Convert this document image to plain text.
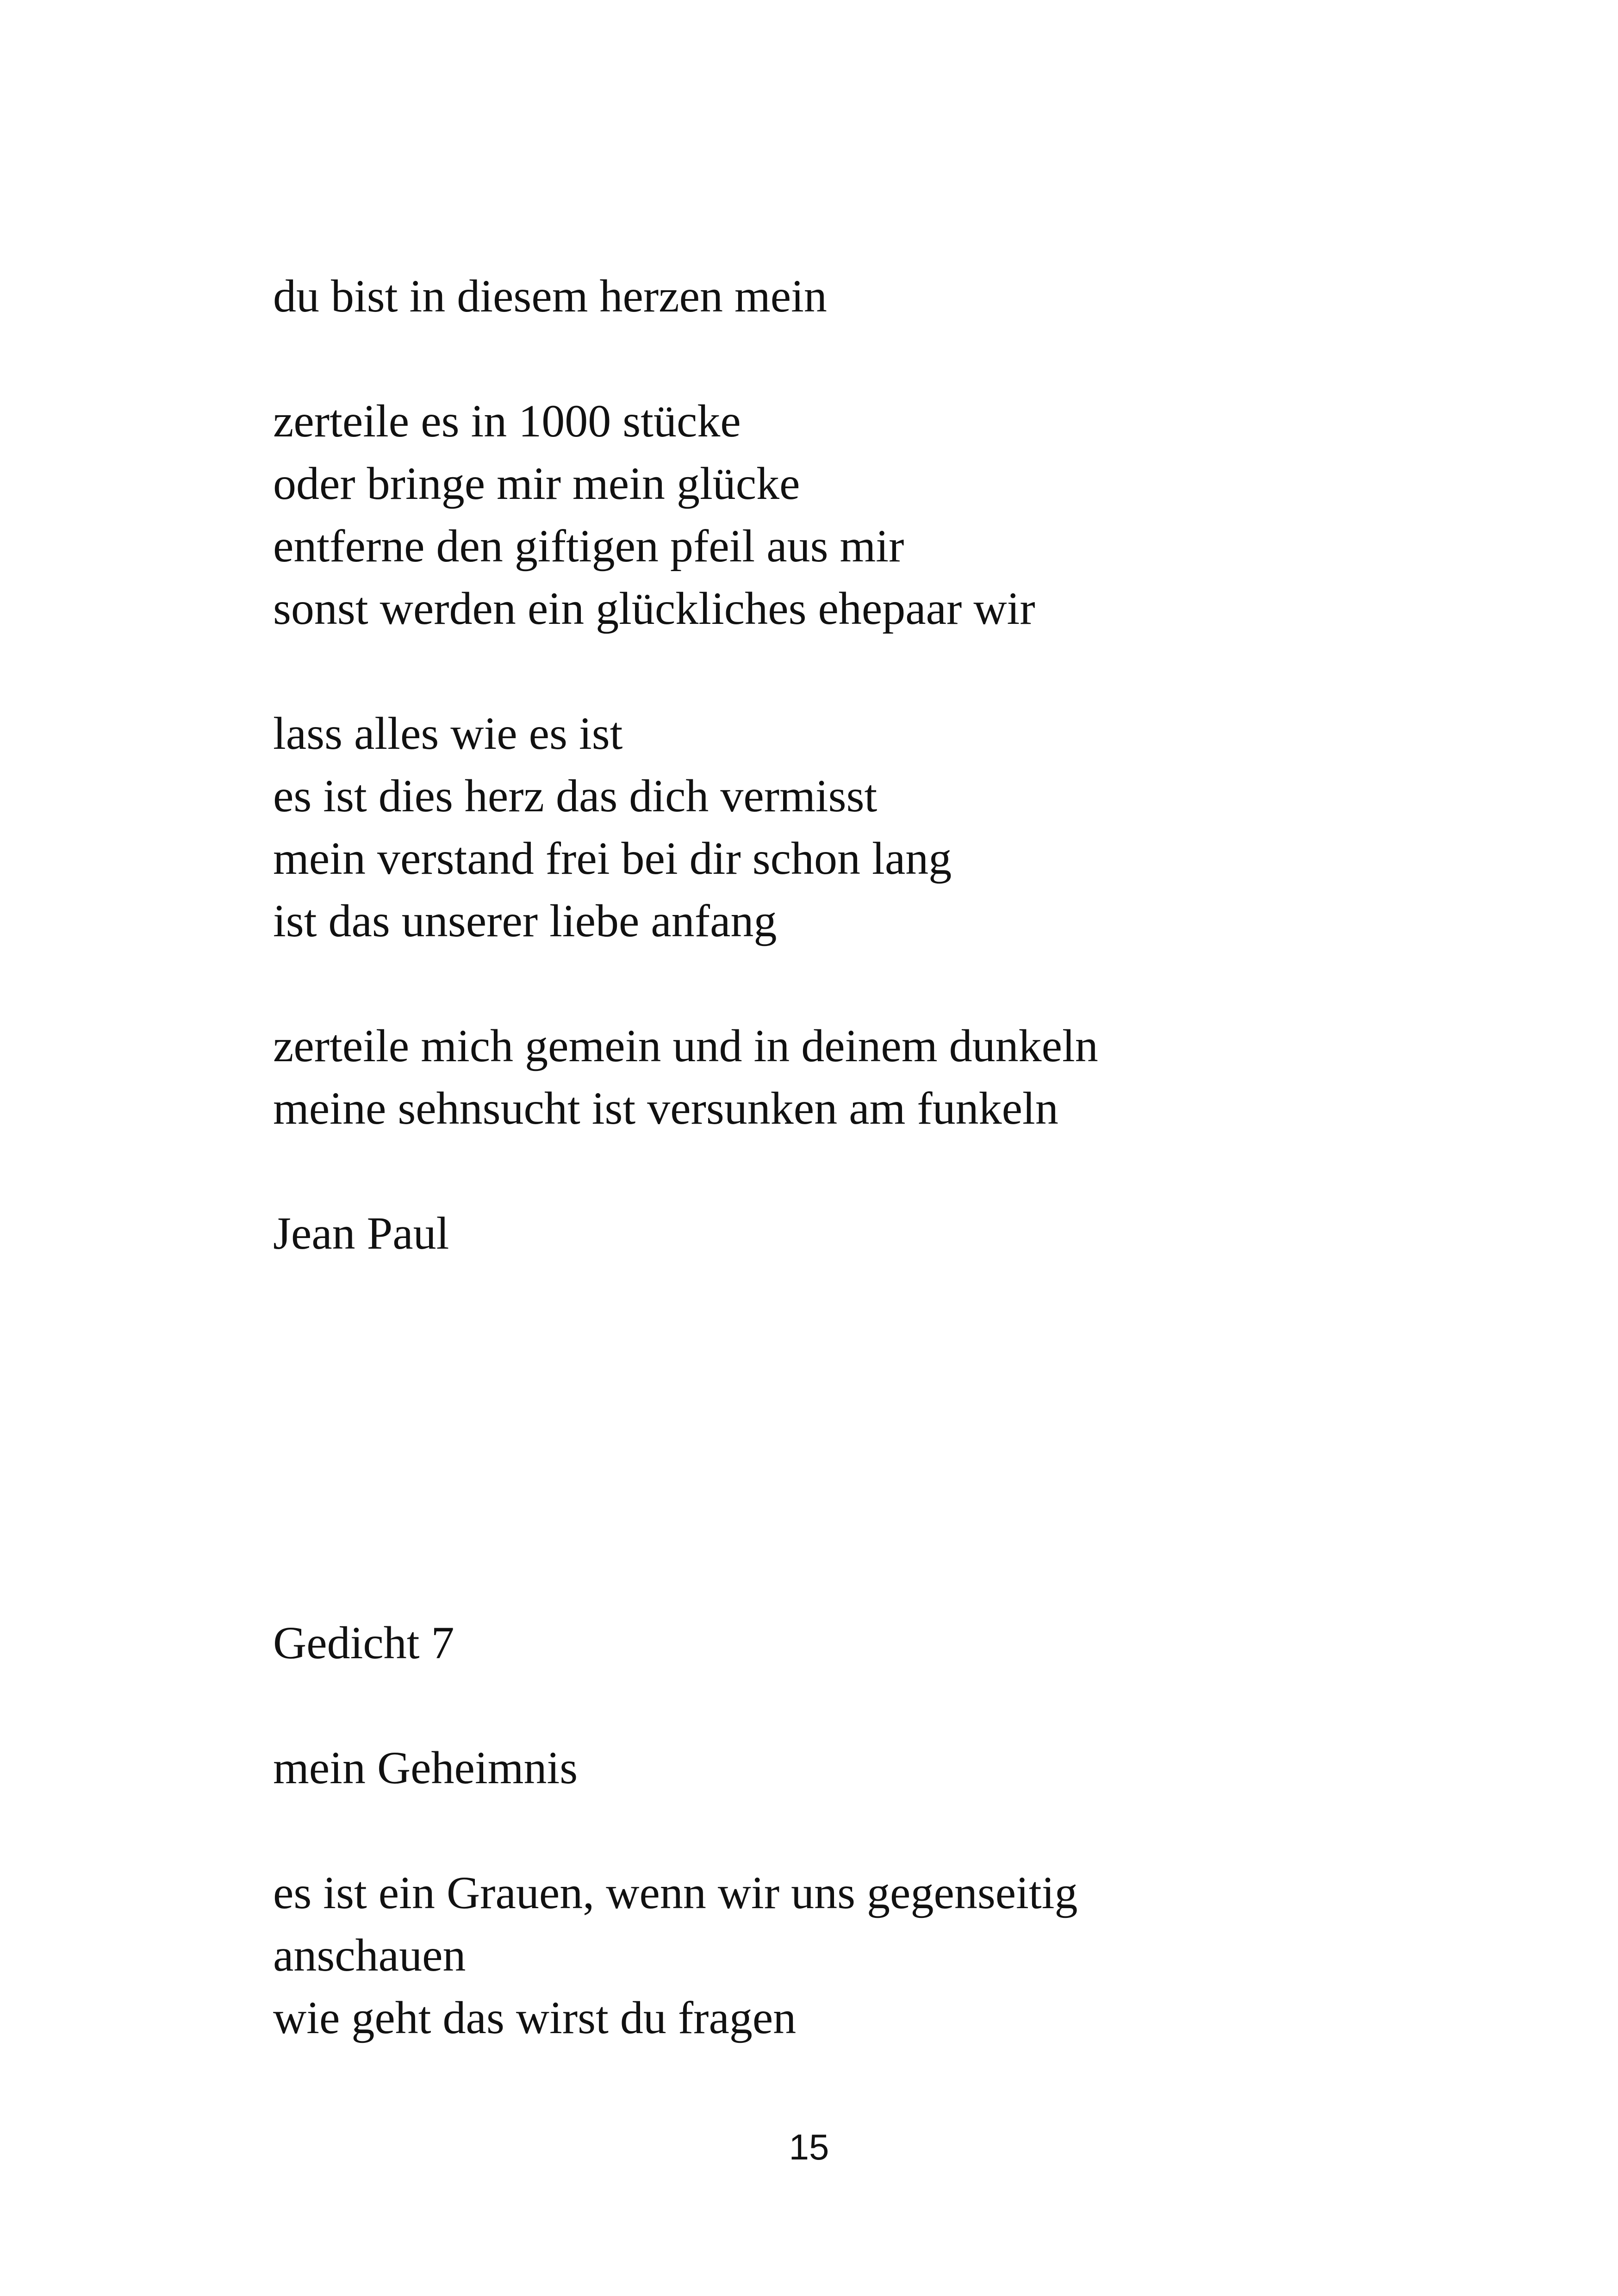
du bist in diesem herzen mein

zerteile es in 1000 stücke

oder bringe mir mein glücke

entferne den giftigen pfeil aus mir

sonst werden ein glückliches ehepaar wir

lass alles wie es ist

es ist dies herz das dich vermisst

mein verstand frei bei dir schon lang

ist das unserer liebe anfang

zerteile mich gemein und in deinem dunkeln

meine sehnsucht ist versunken am funkeln

Jean Paul

Gedicht 7

mein Geheimnis

es ist ein Grauen, wenn wir uns gegenseitig

anschauen

wie geht das wirst du fragen

15
